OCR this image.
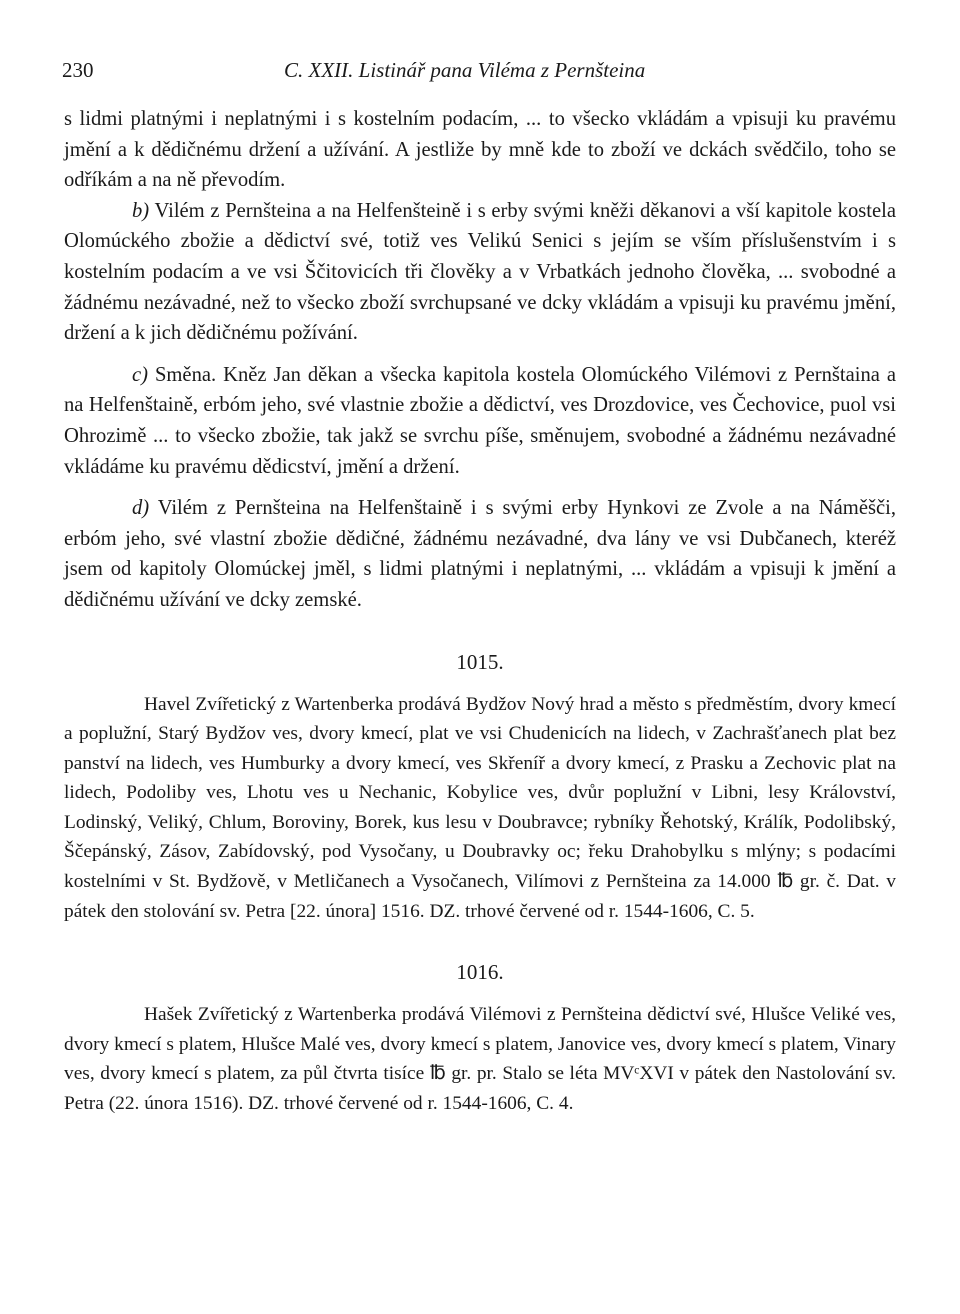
230	C. XXII. Listinář pana Viléma z Pernšteina

s lidmi platnými i neplatnými i s kostelním podacím, ... to všecko vkládám a vpisuji ku pravému jmění a k dědičnému držení a užívání. A jestliže by mně kde to zboží ve dckách svědčilo, toho se odříkám a na ně převodím.

b) Vilém z Pernšteina a na Helfenšteině i s erby svými kněži děkanovi a vší kapitole kostela Olomúckého zbožie a dědictví své, totiž ves Velikú Senici s jejím se vším příslušenstvím i s kostelním podacím a ve vsi Ščitovicích tři člověky a v Vrbatkách jednoho člověka, ... svobodné a žádnému nezávadné, než to všecko zboží svrchupsané ve dcky vkládám a vpisuji ku pravému jmění, držení a k jich dědičnému požívání.

c) Směna. Kněz Jan děkan a všecka kapitola kostela Olomúckého Vilémovi z Pernštaina a na Helfenštaině, erbóm jeho, své vlastnie zbožie a dědictví, ves Drozdovice, ves Čechovice, puol vsi Ohrozimě ... to všecko zbožie, tak jakž se svrchu píše, směnujem, svobodné a žádnému nezávadné vkládáme ku pravému dědicství, jmění a držení.

d) Vilém z Pernšteina na Helfenštaině i s svými erby Hynkovi ze Zvole a na Náměšči, erbóm jeho, své vlastní zbožie dědičné, žádnému nezávadné, dva lány ve vsi Dubčanech, kteréž jsem od kapitoly Olomúckej jměl, s lidmi platnými i neplatnými, ... vkládám a vpisuji k jmění a dědičnému užívání ve dcky zemské.

1015.

Havel Zvířetický z Wartenberka prodává Bydžov Nový hrad a město s předměstím, dvory kmecí a poplužní, Starý Bydžov ves, dvory kmecí, plat ve vsi Chudenicích na lidech, v Zachrašťanech plat bez panství na lidech, ves Humburky a dvory kmecí, ves Skřeníř a dvory kmecí, z Prasku a Zechovic plat na lidech, Podoliby ves, Lhotu ves u Nechanic, Kobylice ves, dvůr poplužní v Libni, lesy Království, Lodinský, Veliký, Chlum, Boroviny, Borek, kus lesu v Doubravce; rybníky Řehotský, Králík, Podolibský, Ščepánský, Zásov, Zabídovský, pod Vysočany, u Doubravky oc; řeku Drahobylku s mlýny; s podacími kostelními v St. Bydžově, v Metličanech a Vysočanech, Vilímovi z Pernšteina za 14.000 ℔ gr. č. Dat. v pátek den stolování sv. Petra [22. února] 1516. DZ. trhové červené od r. 1544-1606, C. 5.

1016.

Hašek Zvířetický z Wartenberka prodává Vilémovi z Pernšteina dědictví své, Hlušce Veliké ves, dvory kmecí s platem, Hlušce Malé ves, dvory kmecí s platem, Janovice ves, dvory kmecí s platem, Vinary ves, dvory kmecí s platem, za půl čtvrta tisíce ℔ gr. pr. Stalo se léta MVᶜXVI v pátek den Nastolování sv. Petra (22. února 1516). DZ. trhové červené od r. 1544-1606, C. 4.
